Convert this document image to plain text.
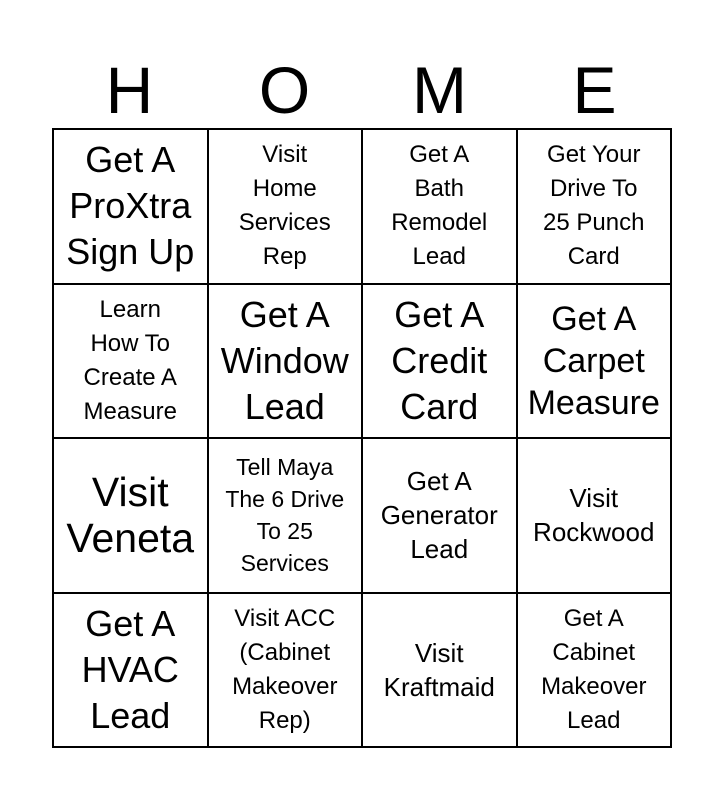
H	O	M	E
Get A
ProXtra
Sign Up
Visit
Home
Services
Rep
Get A
Bath
Remodel
Lead
Get Your
Drive To
25 Punch
Card
Learn
How To
Create A
Measure
Get A
Window
Lead
Get A
Credit
Card
Get A
Carpet
Measure
Visit
Veneta
Tell Maya
The 6 Drive
To 25
Services
Get A
Generator
Lead
Visit
Rockwood
Get A
HVAC
Lead
Visit ACC
(Cabinet
Makeover
Rep)
Visit
Kraftmaid
Get A
Cabinet
Makeover
Lead
